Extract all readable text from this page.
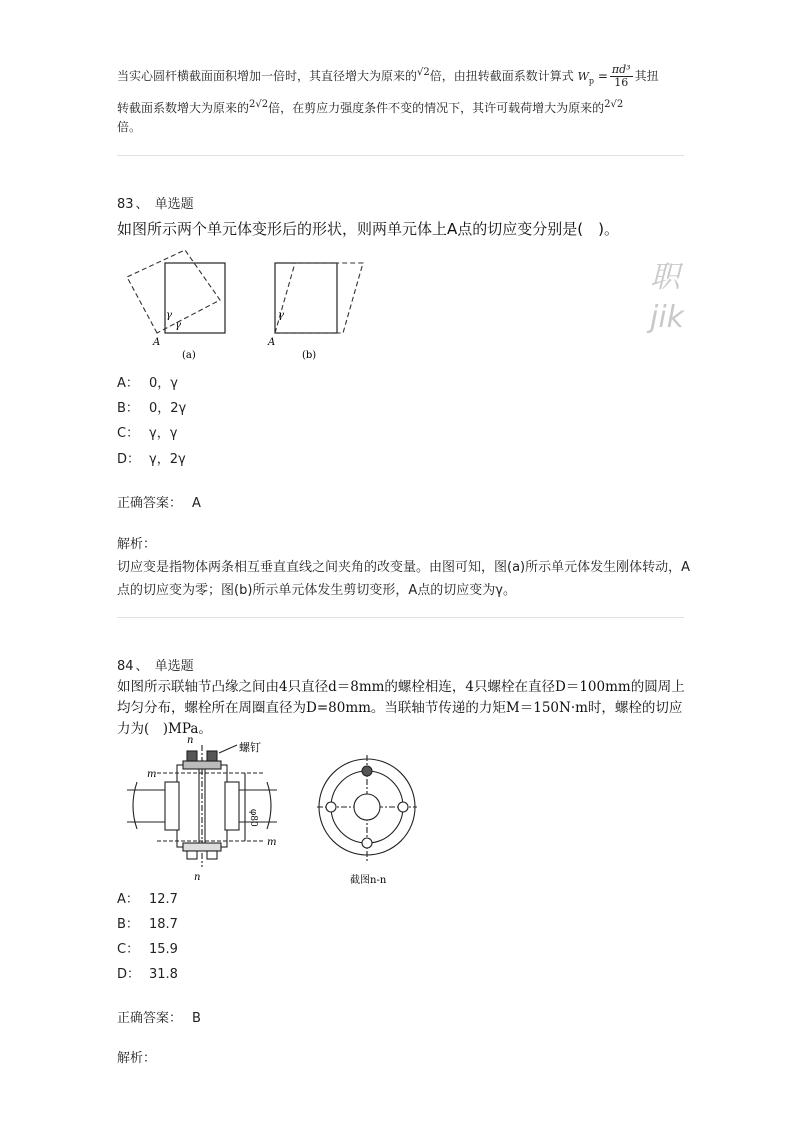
当实心圆杆横截面面积增加一倍时，其直径增大为原来的$^{√2}$倍，由扭转截面系数计算式 $W_p = \frac{\text{πd³}}{16}$ 其扭
转截面系数增大为原来的$^{2√2}$倍，在剪应力强度条件不变的情况下，其许可载荷增大为原来的$^{2√2}$
倍。
83 、 单选题
如图所示两个单元体变形后的形状，则两单元体上A点的切应变分别是(　)。
γ
γ
A
(a)
γ
A
(b)
职
jik
A： 0，γ
B： 0，2γ
C： γ，γ
D： γ，2γ
正确答案： A
解析：
切应变是指物体两条相互垂直直线之间夹角的改变量。由图可知，图(a)所示单元体发生刚体转动，A点的切应变为零；图(b)所示单元体发生剪切变形，A点的切应变为γ。
84 、 单选题
如图所示联轴节凸缘之间由4只直径d＝8mm的螺栓相连，4只螺栓在直径D＝100mm的圆周上均匀分布，螺栓所在周圈直径为D=80mm。当联轴节传递的力矩M＝150N·m时，螺栓的切应力为(　)MPa。
n
n
m
m
螺钉
φ80
截图n-n
A： 12.7
B： 18.7
C： 15.9
D： 31.8
正确答案： B
解析：
